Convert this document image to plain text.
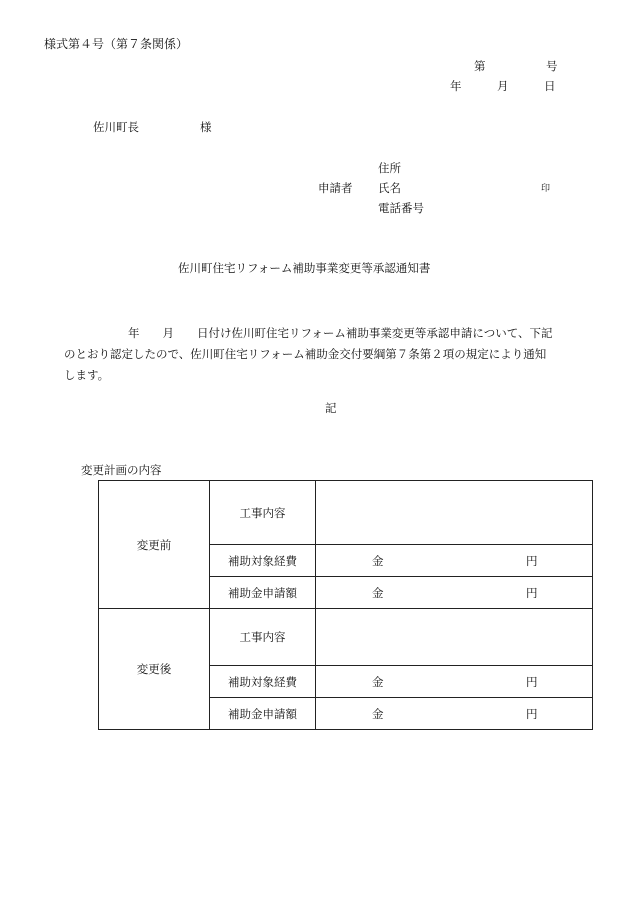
様式第４号（第７条関係）
第	号
年	月	日
佐川町長	様
住所
申請者 氏名	印
電話番号
佐川町住宅リフォーム補助事業変更等承認通知書
年　　月　　日付け佐川町住宅リフォーム補助事業変更等承認申請について、下記
のとおり認定したので、佐川町住宅リフォーム補助金交付要綱第７条第２項の規定により通知
します。
記
変更計画の内容
変更前	工事内容	
	補助対象経費	金 円

	補助金申請額	金 円

変更後	工事内容	
	補助対象経費	金 円

	補助金申請額	金 円
